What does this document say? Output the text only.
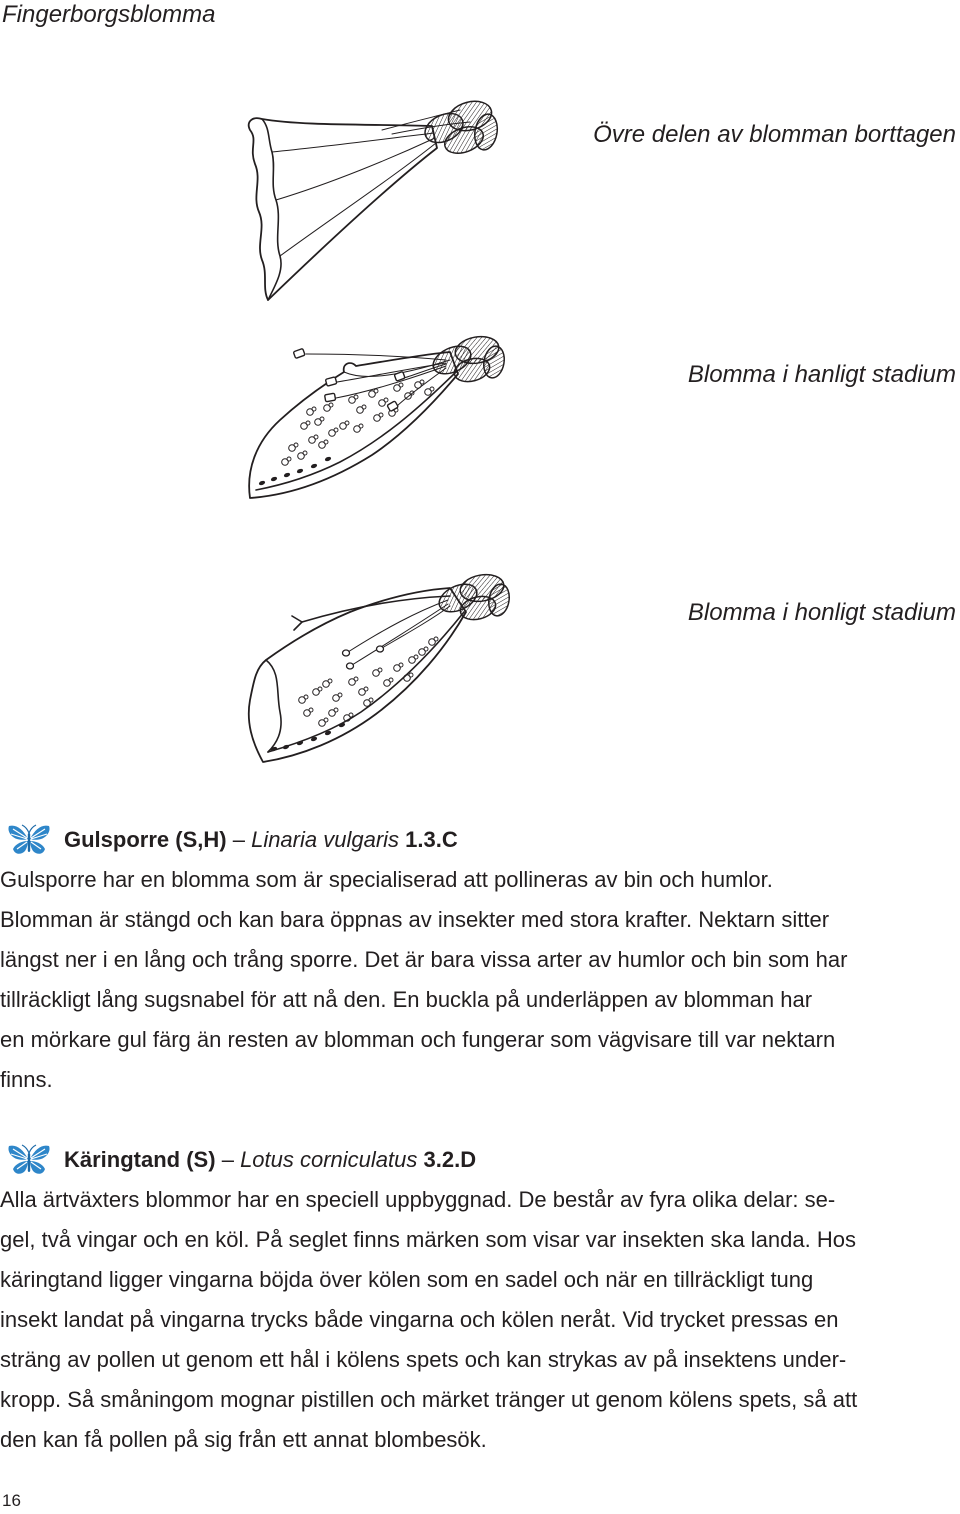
Fingerborgsblomma
Övre delen av blomman borttagen
Blomma i hanligt stadium
Blomma i honligt stadium
Gulsporre (S,H) – Linaria vulgaris 1.3.C
Gulsporre har en blomma som är specialiserad att pollineras av bin och humlor.
Blomman är stängd och kan bara öppnas av insekter med stora krafter. Nektarn sitter
längst ner i en lång och trång sporre. Det är bara vissa arter av humlor och bin som har
tillräckligt lång sugsnabel för att nå den. En buckla på underläppen av blomman har
en mörkare gul färg än resten av blomman och fungerar som vägvisare till var nektarn
finns.
Käringtand (S) – Lotus corniculatus 3.2.D
Alla ärtväxters blommor har en speciell uppbyggnad. De består av fyra olika delar: se-
gel, två vingar och en köl. På seglet finns märken som visar var insekten ska landa. Hos
käringtand ligger vingarna böjda över kölen som en sadel och när en tillräckligt tung
insekt landat på vingarna trycks både vingarna och kölen neråt. Vid trycket pressas en
sträng av pollen ut genom ett hål i kölens spets och kan strykas av på insektens under-
kropp. Så småningom mognar pistillen och märket tränger ut genom kölens spets, så att
den kan få pollen på sig från ett annat blombesök.
16
